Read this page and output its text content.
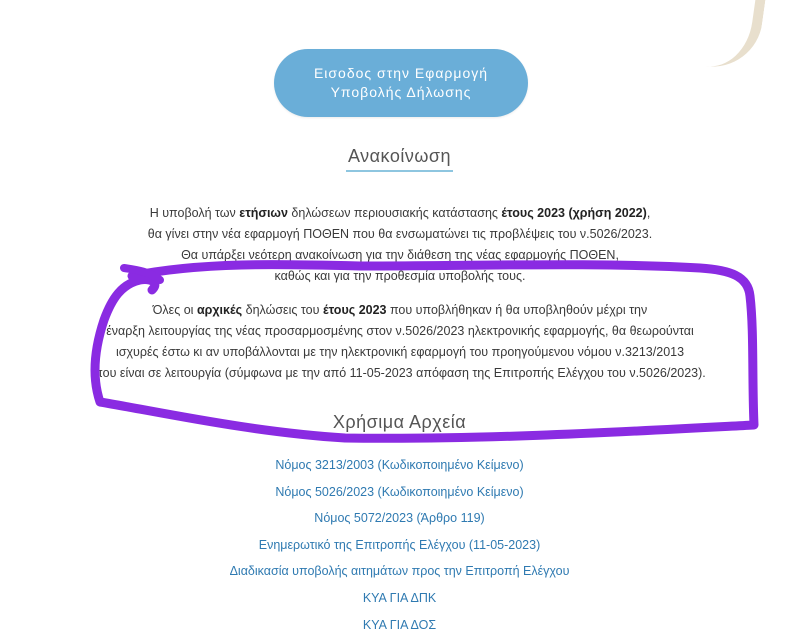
Εισοδος στην Εφαρμογή
Υποβολής Δήλωσης
Ανακοίνωση
Η υποβολή των ετήσιων δηλώσεων περιουσιακής κατάστασης έτους 2023 (χρήση 2022),
θα γίνει στην νέα εφαρμογή ΠΟΘΕΝ που θα ενσωματώνει τις προβλέψεις του ν.5026/2023.
Θα υπάρξει νεότερη ανακοίνωση για την διάθεση της νέας εφαρμογής ΠΟΘΕΝ,
καθώς και για την προθεσμία υποβολής τους.
Όλες οι αρχικές δηλώσεις του έτους 2023 που υποβλήθηκαν ή θα υποβληθούν μέχρι την
έναρξη λειτουργίας της νέας προσαρμοσμένης στον ν.5026/2023 ηλεκτρονικής εφαρμογής, θα θεωρούνται
ισχυρές έστω κι αν υποβάλλονται με την ηλεκτρονική εφαρμογή του προηγούμενου νόμου ν.3213/2013
που είναι σε λειτουργία (σύμφωνα με την από 11-05-2023 απόφαση της Επιτροπής Ελέγχου του ν.5026/2023).
Χρήσιμα Αρχεία
Νόμος 3213/2003 (Κωδικοποιημένο Κείμενο)
Νόμος 5026/2023 (Κωδικοποιημένο Κείμενο)
Νόμος 5072/2023 (Άρθρο 119)
Ενημερωτικό της Επιτροπής Ελέγχου (11-05-2023)
Διαδικασία υποβολής αιτημάτων προς την Επιτροπή Ελέγχου
ΚΥΑ ΓΙΑ ΔΠΚ
ΚΥΑ ΓΙΑ ΔΟΣ
